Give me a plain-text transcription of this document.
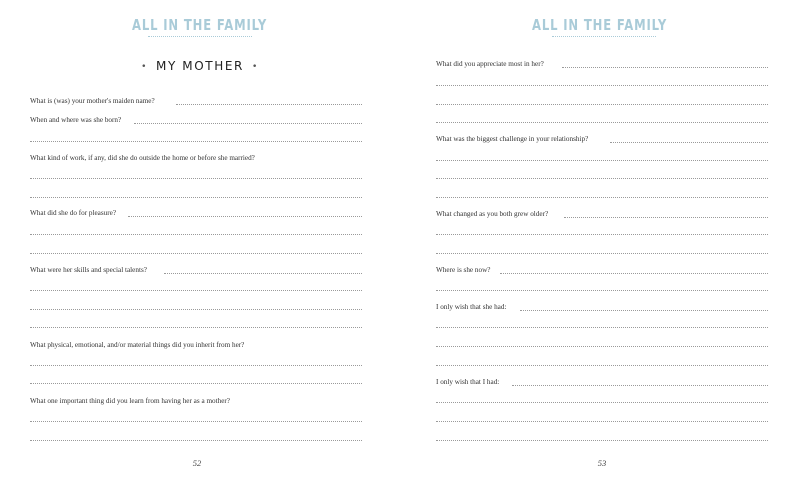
ALL IN THE FAMILY
• MY MOTHER •
What is (was) your mother's maiden name?
When and where was she born?
What kind of work, if any, did she do outside the home or before she married?
What did she do for pleasure?
What were her skills and special talents?
What physical, emotional, and/or material things did you inherit from her?
What one important thing did you learn from having her as a mother?
52
ALL IN THE FAMILY
What did you appreciate most in her?
What was the biggest challenge in your relationship?
What changed as you both grew older?
Where is she now?
I only wish that she had:
I only wish that I had:
53
